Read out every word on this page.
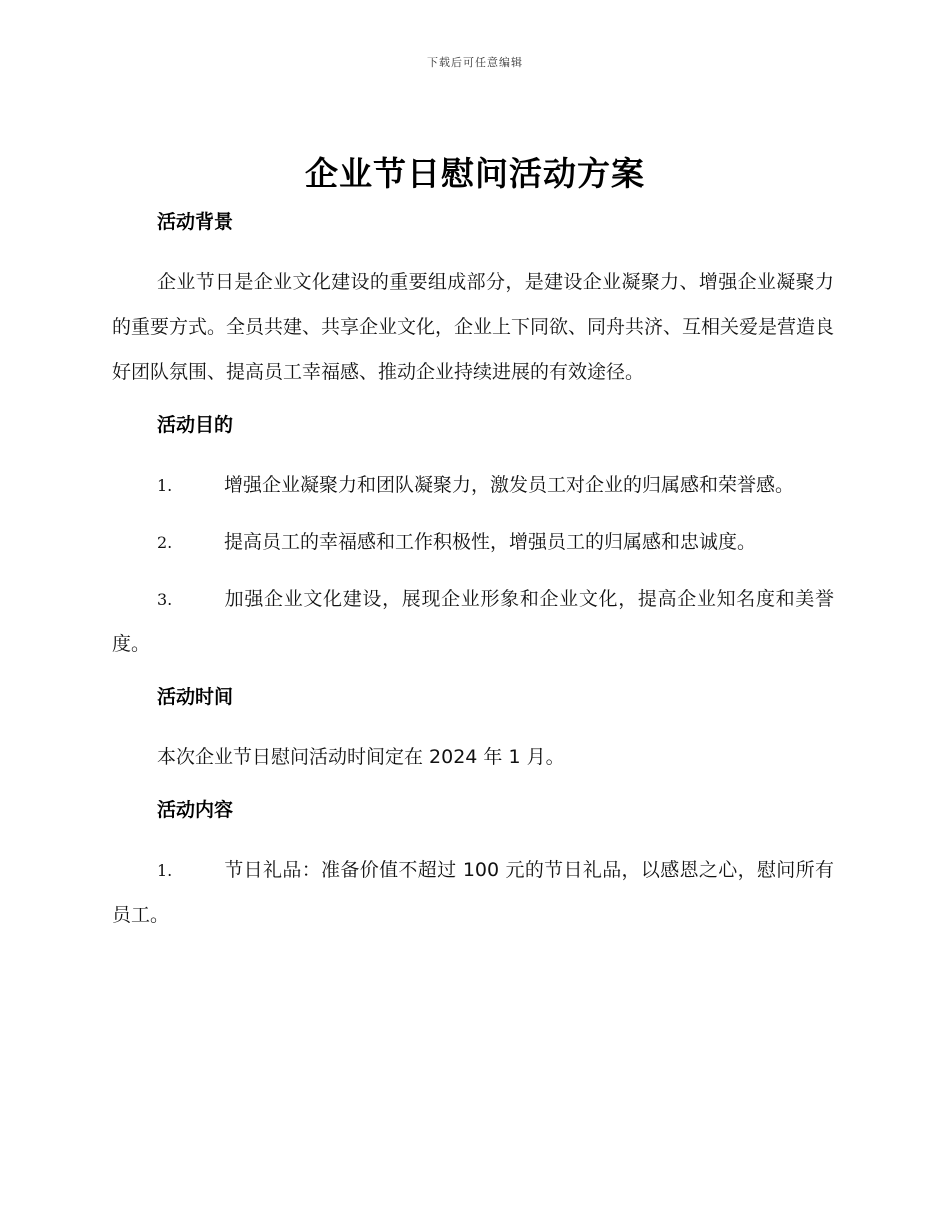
下载后可任意编辑
企业节日慰问活动方案
活动背景

企业节日是企业文化建设的重要组成部分，是建设企业凝聚力、增强企业凝聚力的重要方式。全员共建、共享企业文化，企业上下同欲、同舟共济、互相关爱是营造良好团队氛围、提高员工幸福感、推动企业持续进展的有效途径。

活动目的

1.	增强企业凝聚力和团队凝聚力，激发员工对企业的归属感和荣誉感。

2.	提高员工的幸福感和工作积极性，增强员工的归属感和忠诚度。

3.	加强企业文化建设，展现企业形象和企业文化，提高企业知名度和美誉度。

活动时间

本次企业节日慰问活动时间定在 2024 年 1 月。

活动内容

1.	节日礼品：准备价值不超过 100 元的节日礼品，以感恩之心，慰问所有员工。
